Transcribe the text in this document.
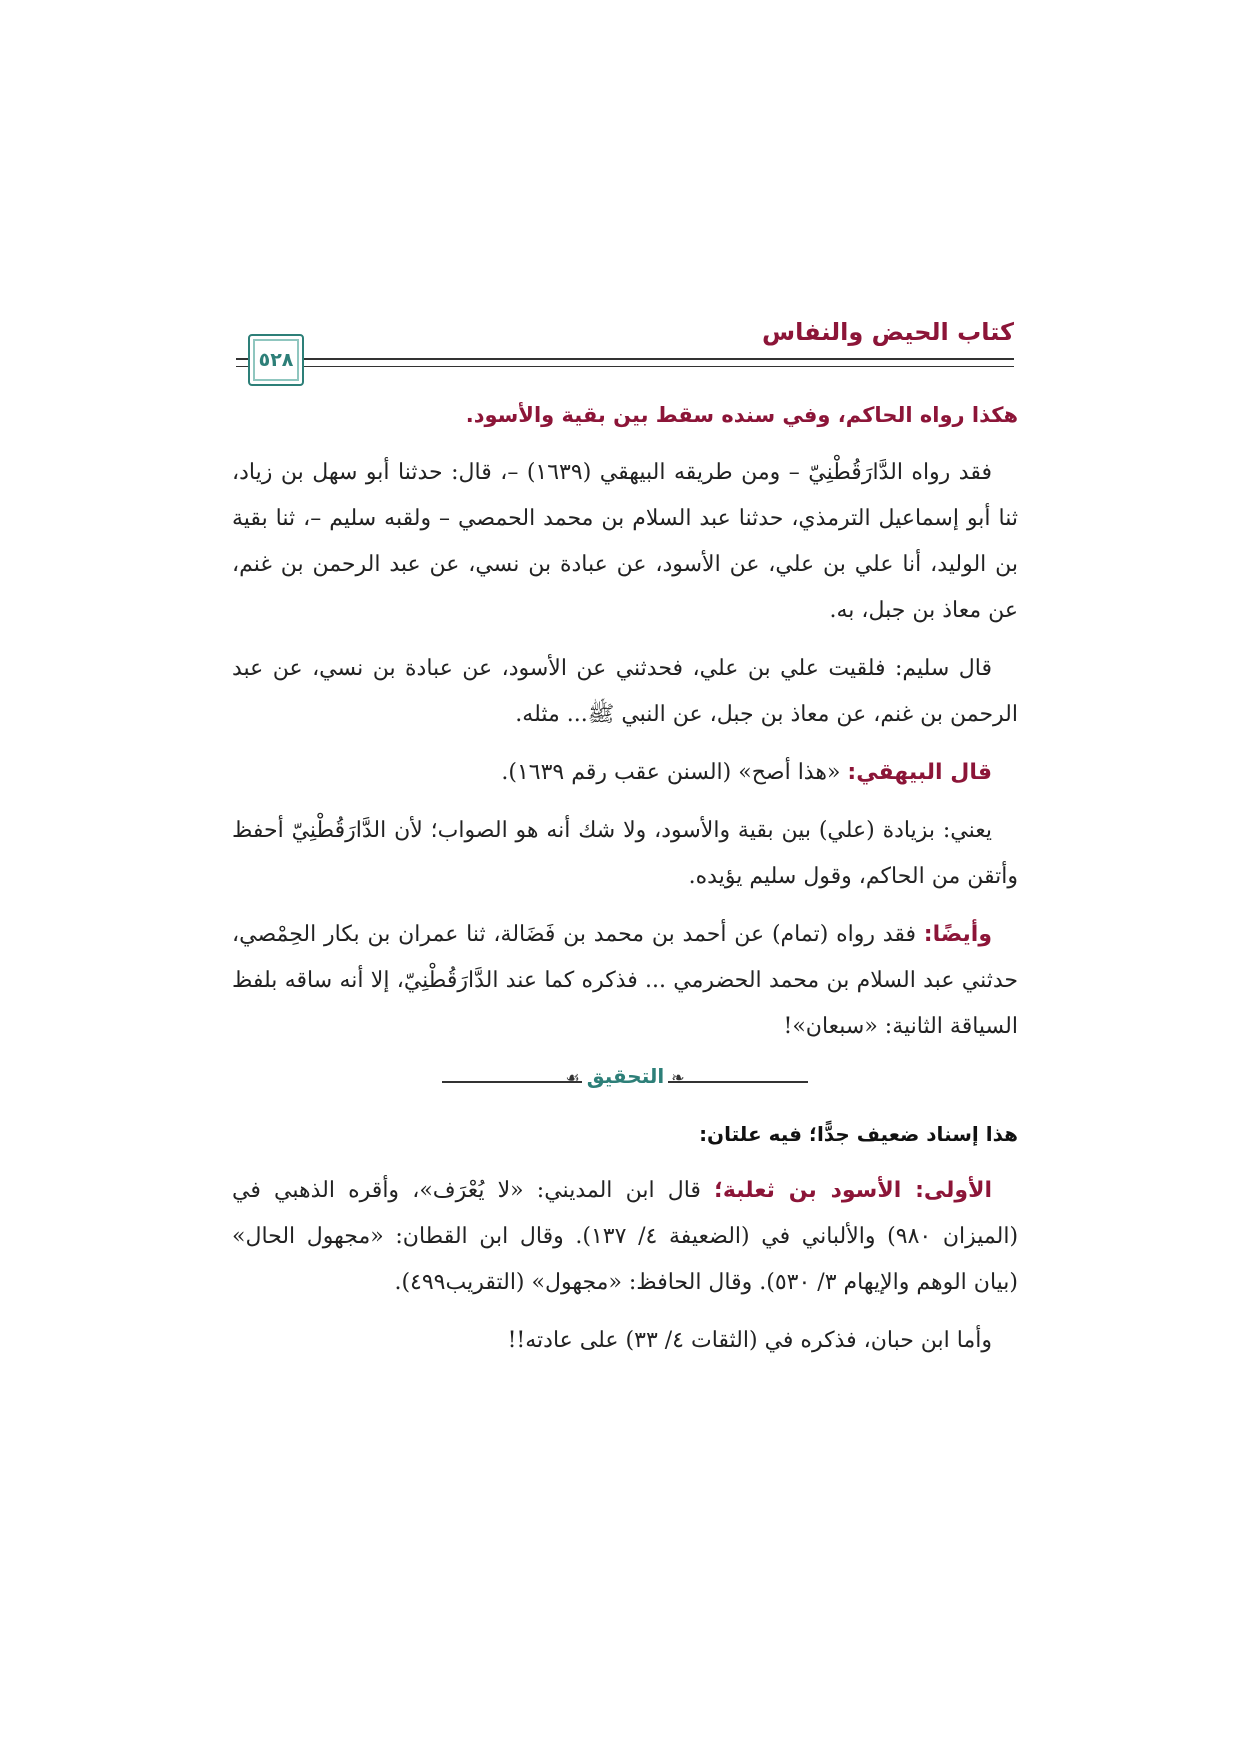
كتاب الحيض والنفاس
٥٢٨
هكذا رواه الحاكم، وفي سنده سقط بين بقية والأسود.

فقد رواه الدَّارَقُطْنِيّ – ومن طريقه البيهقي (١٦٣٩) –، قال: حدثنا أبو سهل بن زياد، ثنا أبو إسماعيل الترمذي، حدثنا عبد السلام بن محمد الحمصي – ولقبه سليم –، ثنا بقية بن الوليد، أنا علي بن علي، عن الأسود، عن عبادة بن نسي، عن عبد الرحمن بن غنم، عن معاذ بن جبل، به.

قال سليم: فلقيت علي بن علي، فحدثني عن الأسود، عن عبادة بن نسي، عن عبد الرحمن بن غنم، عن معاذ بن جبل، عن النبي ﷺ... مثله.

قال البيهقي: «هذا أصح» (السنن عقب رقم ١٦٣٩).

يعني: بزيادة (علي) بين بقية والأسود، ولا شك أنه هو الصواب؛ لأن الدَّارَقُطْنِيّ أحفظ وأتقن من الحاكم، وقول سليم يؤيده.

وأيضًا: فقد رواه (تمام) عن أحمد بن محمد بن فَضَالة، ثنا عمران بن بكار الحِمْصي، حدثني عبد السلام بن محمد الحضرمي ... فذكره كما عند الدَّارَقُطْنِيّ، إلا أنه ساقه بلفظ السياقة الثانية: «سبعان»!

❧ التحقيق ☙
هذا إسناد ضعيف جدًّا؛ فيه علتان:

الأولى: الأسود بن ثعلبة؛ قال ابن المديني: «لا يُعْرَف»، وأقره الذهبي في (الميزان ٩٨٠) والألباني في (الضعيفة ٤/ ١٣٧). وقال ابن القطان: «مجهول الحال» (بيان الوهم والإيهام ٣/ ٥٣٠). وقال الحافظ: «مجهول» (التقريب٤٩٩).

وأما ابن حبان، فذكره في (الثقات ٤/ ٣٣) على عادته!!
